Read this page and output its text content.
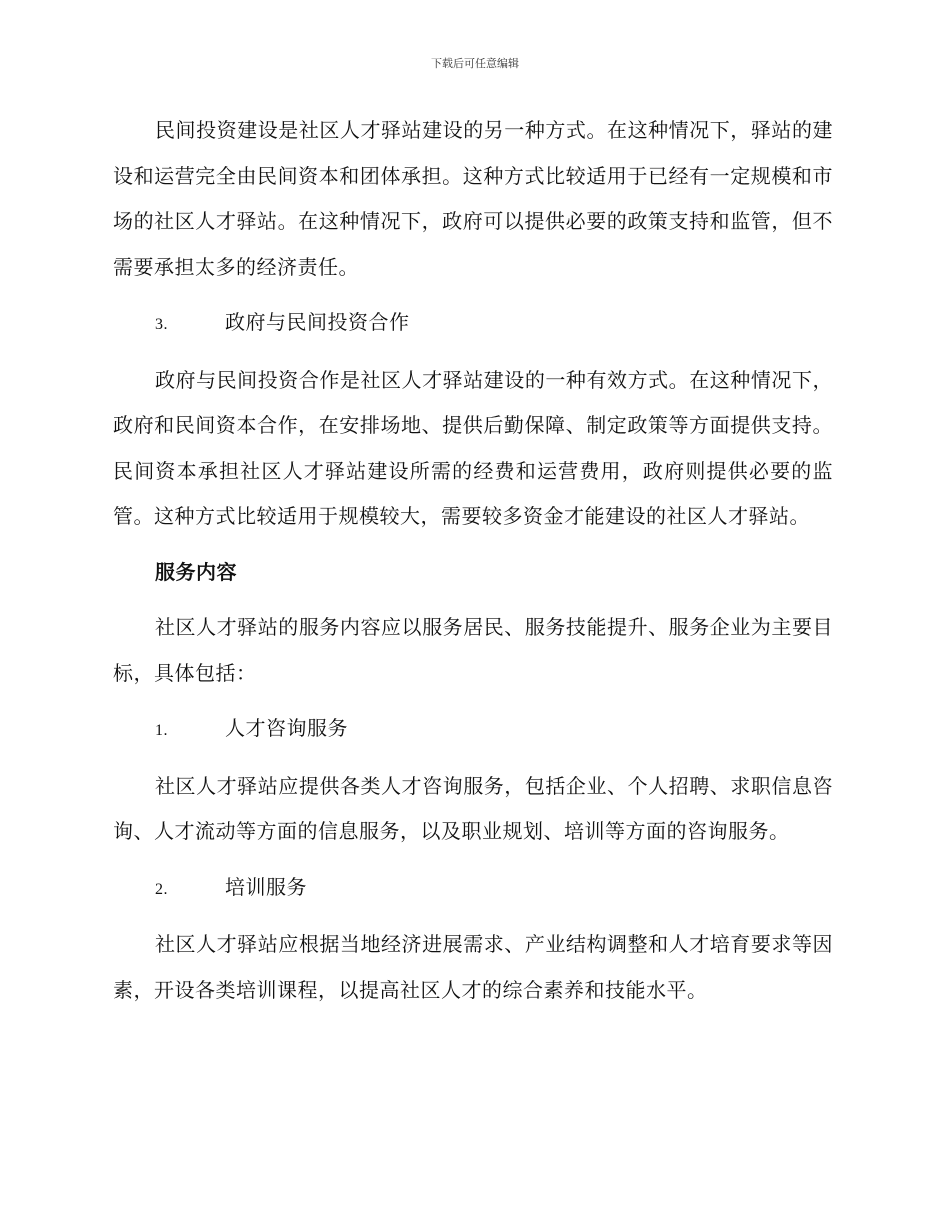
下载后可任意编辑

民间投资建设是社区人才驿站建设的另一种方式。在这种情况下，驿站的建设和运营完全由民间资本和团体承担。这种方式比较适用于已经有一定规模和市场的社区人才驿站。在这种情况下，政府可以提供必要的政策支持和监管，但不需要承担太多的经济责任。

3.	政府与民间投资合作

政府与民间投资合作是社区人才驿站建设的一种有效方式。在这种情况下，政府和民间资本合作，在安排场地、提供后勤保障、制定政策等方面提供支持。民间资本承担社区人才驿站建设所需的经费和运营费用，政府则提供必要的监管。这种方式比较适用于规模较大，需要较多资金才能建设的社区人才驿站。

服务内容

社区人才驿站的服务内容应以服务居民、服务技能提升、服务企业为主要目标，具体包括：

1.	人才咨询服务

社区人才驿站应提供各类人才咨询服务，包括企业、个人招聘、求职信息咨询、人才流动等方面的信息服务，以及职业规划、培训等方面的咨询服务。

2.	培训服务

社区人才驿站应根据当地经济进展需求、产业结构调整和人才培育要求等因素，开设各类培训课程，以提高社区人才的综合素养和技能水平。
